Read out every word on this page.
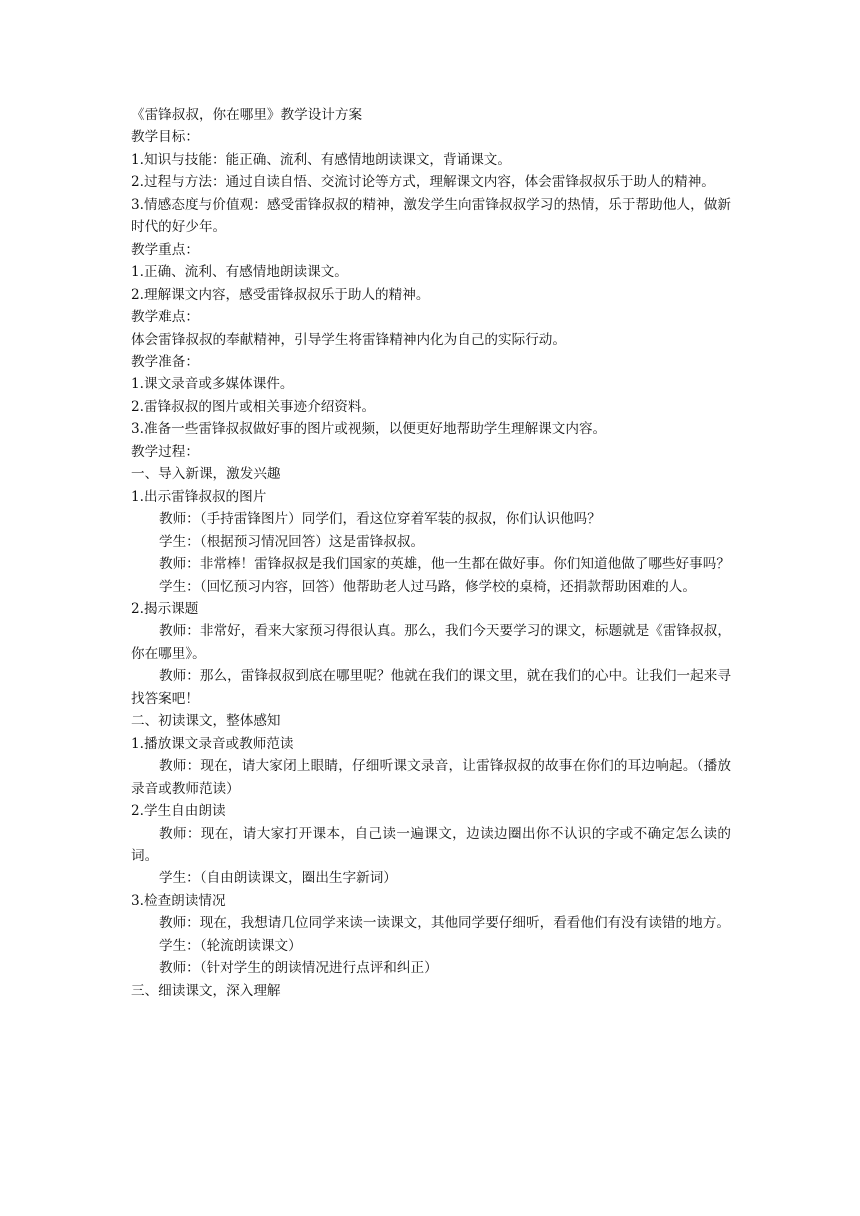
《雷锋叔叔，你在哪里》教学设计方案

教学目标：

1.知识与技能：能正确、流利、有感情地朗读课文，背诵课文。

2.过程与方法：通过自读自悟、交流讨论等方式，理解课文内容，体会雷锋叔叔乐于助人的精神。

3.情感态度与价值观：感受雷锋叔叔的精神，激发学生向雷锋叔叔学习的热情，乐于帮助他人，做新时代的好少年。

教学重点：

1.正确、流利、有感情地朗读课文。

2.理解课文内容，感受雷锋叔叔乐于助人的精神。

教学难点：

体会雷锋叔叔的奉献精神，引导学生将雷锋精神内化为自己的实际行动。

教学准备：

1.课文录音或多媒体课件。

2.雷锋叔叔的图片或相关事迹介绍资料。

3.准备一些雷锋叔叔做好事的图片或视频，以便更好地帮助学生理解课文内容。

教学过程：

一、导入新课，激发兴趣

1.出示雷锋叔叔的图片

教师：（手持雷锋图片）同学们，看这位穿着军装的叔叔，你们认识他吗？

学生：（根据预习情况回答）这是雷锋叔叔。

教师：非常棒！雷锋叔叔是我们国家的英雄，他一生都在做好事。你们知道他做了哪些好事吗？

学生：（回忆预习内容，回答）他帮助老人过马路，修学校的桌椅，还捐款帮助困难的人。

2.揭示课题

教师：非常好，看来大家预习得很认真。那么，我们今天要学习的课文，标题就是《雷锋叔叔，你在哪里》。

教师：那么，雷锋叔叔到底在哪里呢？他就在我们的课文里，就在我们的心中。让我们一起来寻找答案吧！

二、初读课文，整体感知

1.播放课文录音或教师范读

教师：现在，请大家闭上眼睛，仔细听课文录音，让雷锋叔叔的故事在你们的耳边响起。（播放录音或教师范读）

2.学生自由朗读

教师：现在，请大家打开课本，自己读一遍课文，边读边圈出你不认识的字或不确定怎么读的词。

学生：（自由朗读课文，圈出生字新词）

3.检查朗读情况

教师：现在，我想请几位同学来读一读课文，其他同学要仔细听，看看他们有没有读错的地方。

学生：（轮流朗读课文）

教师：（针对学生的朗读情况进行点评和纠正）

三、细读课文，深入理解
